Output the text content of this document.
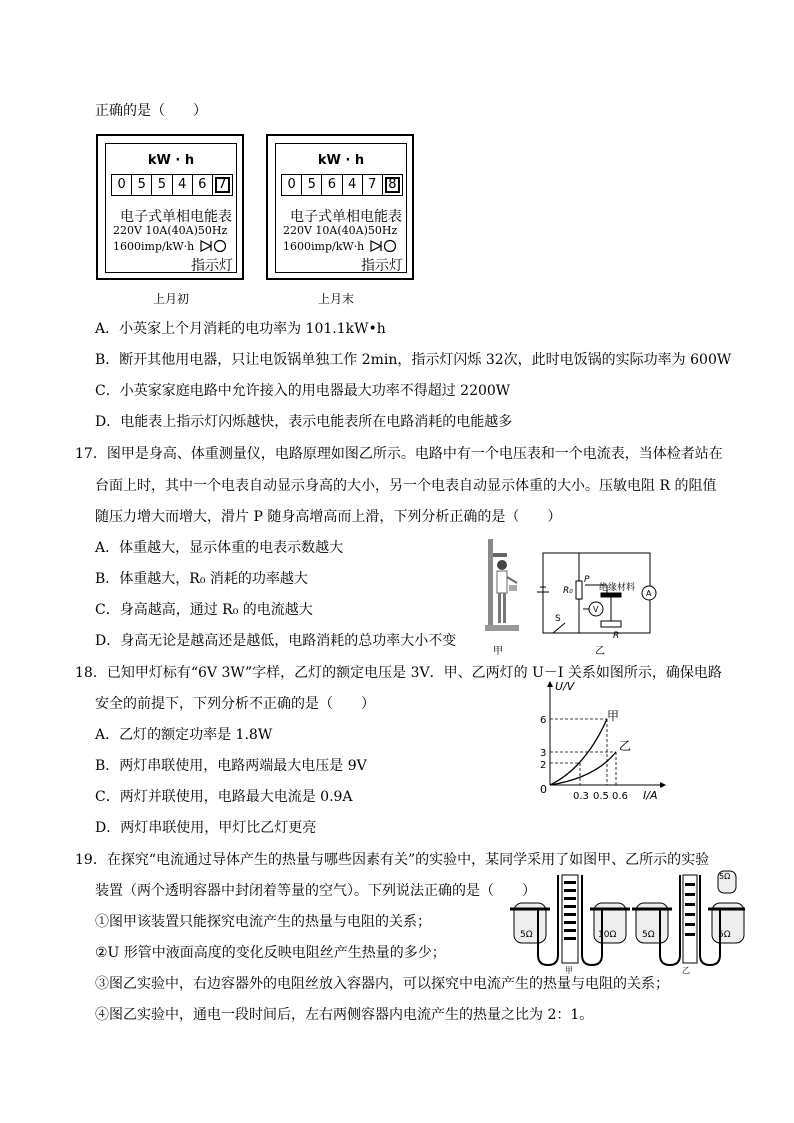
正确的是（　　）
kW · h
0 5 5 4 6 7
电子式单相电能表
220V 10A(40A)50Hz
1600imp/kW·h
指示灯
上月初
kW · h
0 5 6 4 7 8
电子式单相电能表
220V 10A(40A)50Hz
1600imp/kW·h
指示灯
上月末
A．小英家上个月消耗的电功率为 101.1kW•h
B．断开其他用电器，只让电饭锅单独工作 2min，指示灯闪烁 32次，此时电饭锅的实际功率为 600W
C．小英家家庭电路中允许接入的用电器最大功率不得超过 2200W
D．电能表上指示灯闪烁越快，表示电能表所在电路消耗的电能越多
17．图甲是身高、体重测量仪，电路原理如图乙所示。电路中有一个电压表和一个电流表，当体检者站在
台面上时，其中一个电表自动显示身高的大小，另一个电表自动显示体重的大小。压敏电阻 R 的阻值
随压力增大而增大，滑片 P 随身高增高而上滑，下列分析正确的是（　　）
A．体重越大，显示体重的电表示数越大
B．体重越大，R₀ 消耗的功率越大
C．身高越高，通过 R₀ 的电流越大
D．身高无论是越高还是越低，电路消耗的总功率大小不变
甲
R₀
P
绝缘材料
V
A
S
R
乙
18．已知甲灯标有“6V 3W”字样，乙灯的额定电压是 3V．甲、乙两灯的 U－I 关系如图所示，确保电路
安全的前提下，下列分析不正确的是（　　）
A．乙灯的额定功率是 1.8W
B．两灯串联使用，电路两端最大电压是 9V
C．两灯并联使用，电路最大电流是 0.9A
D．两灯串联使用，甲灯比乙灯更亮
U/V
I/A
0
6
3
2
0.3 0.5 0.6
甲
乙
19．在探究“电流通过导体产生的热量与哪些因素有关”的实验中，某同学采用了如图甲、乙所示的实验
装置（两个透明容器中封闭着等量的空气）。下列说法正确的是（　　）
①图甲该装置只能探究电流产生的热量与电阻的关系；
②U 形管中液面高度的变化反映电阻丝产生热量的多少；
③图乙实验中，右边容器外的电阻丝放入容器内，可以探究中电流产生的热量与电阻的关系；
④图乙实验中，通电一段时间后，左右两侧容器内电流产生的热量之比为 2：1。
5Ω	10Ω
甲
5Ω	5Ω
5Ω
乙
